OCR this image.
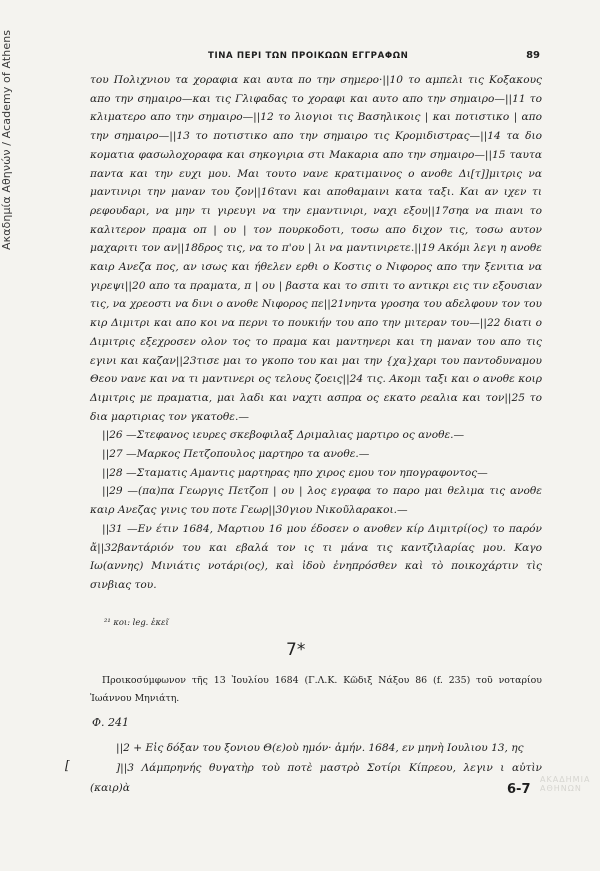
Ακαδημία Αθηνών / Academy of Athens	ΤΙΝΑ ΠΕΡΙ ΤΩΝ ΠΡΟΙΚΩΩΝ ΕΓΓΡΑΦΩΝ	89

του Πολιχνιου τα χοραφια και αυτα πο την σημερο·||10 το αμπελι τις Κοξακους απο την σημαιρο—και τις Γλιφαδας το χοραφι και αυτο απο την σημαιρο—||11 το κλιματερο απο την σημαιρο—||12 το λιογιοι τις Βασηλικοις | και ποτιστικο | απο την σημαιρο—||13 το ποτιστικο απο την σημαιρο τις Κρομιδιστρας—||14 τα διο κοματια φασωλοχοραφα και σηκογιρια στι Μακαρια απο την σημαιρο—||15 ταυτα παντα και την ευχι μου. Μαι τουτο νανε κρατιμαινος ο ανοθε Δι[τ]]μιτρις να μαντινιρι την μαναν του ζον||16ταvι και αποθαμαινι κατα ταξι. Και αν ιχεν τι ρεφουδαρι, να μην τι γιρευγι να την εμαντινιρι, ναχι εξου||17σηα να πιανι το καλιτερον πραμα οπ | ου | τον πουρκοδοτι, τοσω απο διχον τις, τοσω αυτον μαχαριτι τον αν||18δρος τις, να το π'ου | λι να μαντινιρετε.||19 Ακόμι λεγι η ανοθε καιρ Ανεζα πος, αν ισως και ήθελεν ερθι ο Κοστις ο Νιφορος απο την ξενιτια να γιρεψι||20 απο τα πραματα, π | ου | βαστα και το σπιτι το αντικρι εις τιν εξουσιαν τις, να χρεοστι να δινι ο ανοθε Νιφορος πε||21νηντα γροσηα του αδελφουν τον του κιρ Διμιτρι και απο κοι να περνι το πουκιήν του απο την μιτεραν του—||22 διατι ο Διμιτρις εξεχροσεν ολον τος το πραμα και μαντηνερι και τη μαναν του απο τις εγινι και καζαν||23τισε μαι το γκοπο του και μαι την {χα}χαρι του παντοδυναμου Θεου νανε και να τι μαντινερι ος τελους ζοεις||24 τις. Ακομι ταξι και ο ανοθε κοιρ Διμιτρις με πραματια, μαι λαδι και ναχτι ασπρα ος εκατο ρεαλια και τον||25 το δια μαρτιριας τον γκατοθε.—

||26 —Στεφανος ιευρες σκεβοφιλαξ Δριμαλιας μαρτιρο ος ανοθε.—

||27 —Μαρκος Πετζοπουλος μαρτηρο τα ανοθε.—

||28 —Σταματις Αμαντις μαρτηρας ηπο χιρος εμου τον ηπογραφοντος—

||29 —(πα)πα Γεωργις Πετζοπ | ου | λος εγραφα το παρο μαι θελιμα τις ανοθε καιρ Ανεζας γινις του ποτε Γεωρ||30γιου Νικοῦλαρακοι.—

||31 —Eν έτιν 1684, Μαρτιου 16 μου έδοσεν ο ανοθεν κίρ Διμιτρί(ος) το παρόν ἄ||32βαντάριόν του και εβαλά τον ις τι μάνα τις καντζιλαρίας μου. Καγο Ιω(αννης) Μινιάτις νοτάρι(ος), καὶ ἰδοὺ ἐνηπρόσθεν καὶ τὸ ποικοχάρτιν τὶς σινβιας του.

²¹ κοι: leg. ἐκεῖ
7*
Προικοσύμφωνον τῆς 13 Ἰουλίου 1684 (Γ.Λ.Κ. Κῶδιξ Νάξου 86 (f. 235) τοῦ νοταρίου Ἰωάννου Μηνιάτη.
Φ. 241
[

||2 + Εἰς δόξαν του ξονιου Θ(ε)οὺ ημόν· ἀμήν. 1684, εν μηνὴ Ιουλιου 13, ης

]||3 Λάμπρηνής θυγατὴρ τοὺ ποτὲ μαστρὸ Σοτίρι Κίπρεου, λεγιν ι αὐτὶν (καιρ)ὰ

ΑΚΑΔΗΜΙΑ ΑΘΗΝΩΝ
6-7
